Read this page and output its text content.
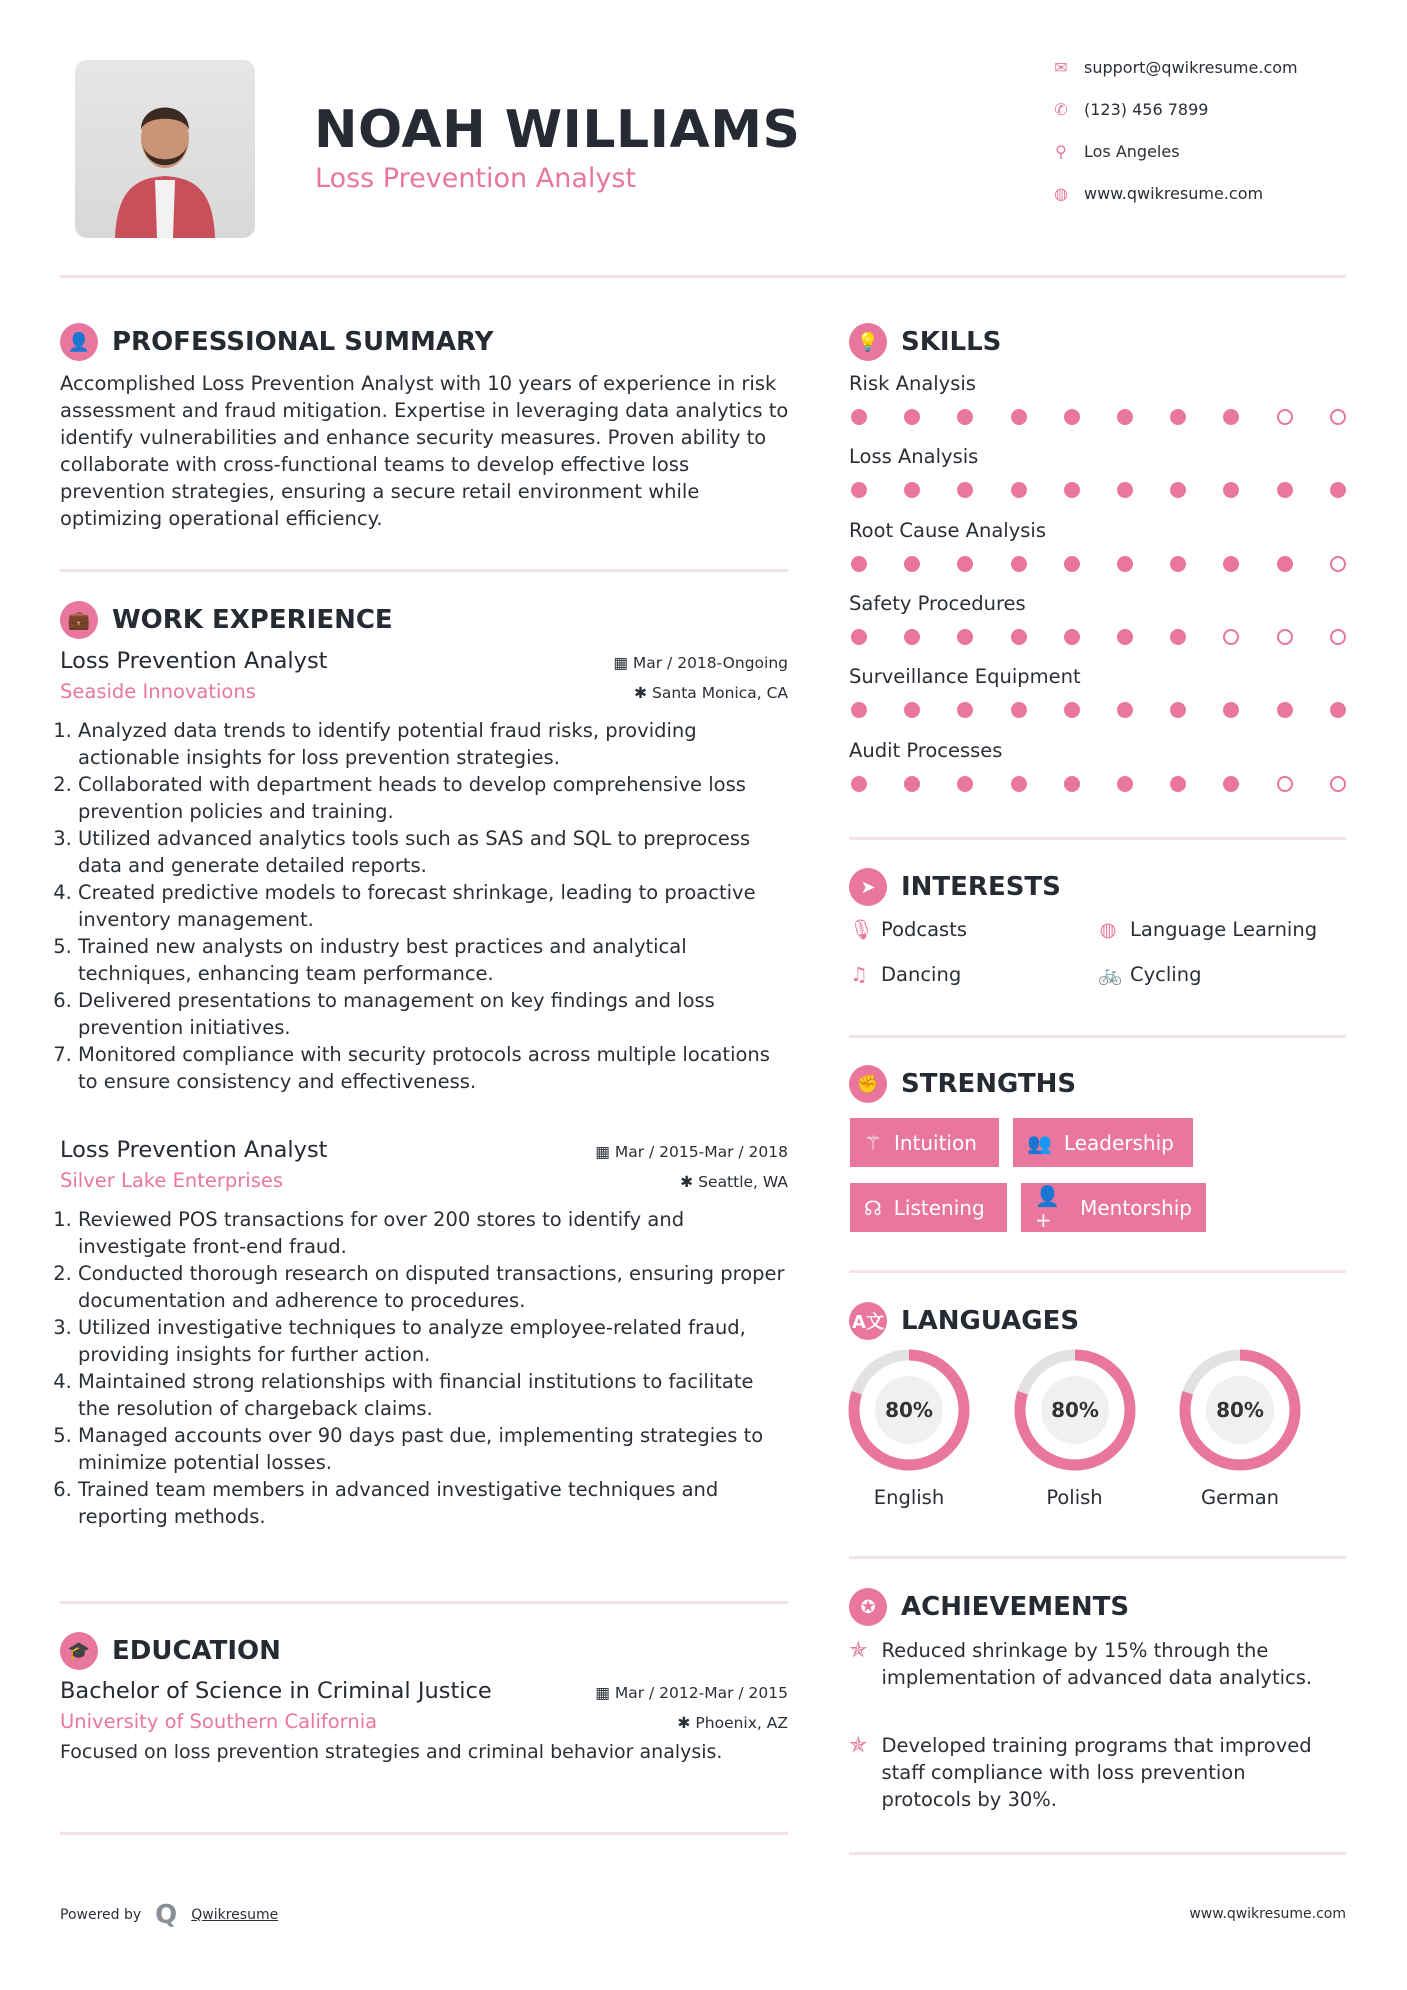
NOAH WILLIAMS
Loss Prevention Analyst
✉ support@qwikresume.com
✆ (123) 456 7899
⚲ Los Angeles
◍ www.qwikresume.com
👤 PROFESSIONAL SUMMARY

Accomplished Loss Prevention Analyst with 10 years of experience in risk assessment and fraud mitigation. Expertise in leveraging data analytics to identify vulnerabilities and enhance security measures. Proven ability to collaborate with cross-functional teams to develop effective loss prevention strategies, ensuring a secure retail environment while optimizing operational efficiency.

💼 WORK EXPERIENCE
Loss Prevention Analyst	▦ Mar / 2018-Ongoing
Seaside Innovations	✱ Santa Monica, CA
1. Analyzed data trends to identify potential fraud risks, providing actionable insights for loss prevention strategies.
2. Collaborated with department heads to develop comprehensive loss prevention policies and training.
3. Utilized advanced analytics tools such as SAS and SQL to preprocess data and generate detailed reports.
4. Created predictive models to forecast shrinkage, leading to proactive inventory management.
5. Trained new analysts on industry best practices and analytical techniques, enhancing team performance.
6. Delivered presentations to management on key findings and loss prevention initiatives.
7. Monitored compliance with security protocols across multiple locations to ensure consistency and effectiveness.
Loss Prevention Analyst	▦ Mar / 2015-Mar / 2018
Silver Lake Enterprises	✱ Seattle, WA
1. Reviewed POS transactions for over 200 stores to identify and investigate front-end fraud.
2. Conducted thorough research on disputed transactions, ensuring proper documentation and adherence to procedures.
3. Utilized investigative techniques to analyze employee-related fraud, providing insights for further action.
4. Maintained strong relationships with financial institutions to facilitate the resolution of chargeback claims.
5. Managed accounts over 90 days past due, implementing strategies to minimize potential losses.
6. Trained team members in advanced investigative techniques and reporting methods.
🎓 EDUCATION
Bachelor of Science in Criminal Justice	▦ Mar / 2012-Mar / 2015
University of Southern California	✱ Phoenix, AZ

Focused on loss prevention strategies and criminal behavior analysis.

💡 SKILLS
Risk Analysis
Loss Analysis
Root Cause Analysis
Safety Procedures
Surveillance Equipment
Audit Processes
➤ INTERESTS
🎙 Podcasts	◍ Language Learning
♫ Dancing	🚲 Cycling
✊ STRENGTHS
⚚ Intuition	👥 Leadership
☊ Listening	👤+	Mentorship
A文 LANGUAGES
80%
English
80%
Polish
80%
German
✪ ACHIEVEMENTS
✯ Reduced shrinkage by 15% through the implementation of advanced data analytics.
✯ Developed training programs that improved staff compliance with loss prevention protocols by 30%.
Powered by Q Qwikresume	www.qwikresume.com
